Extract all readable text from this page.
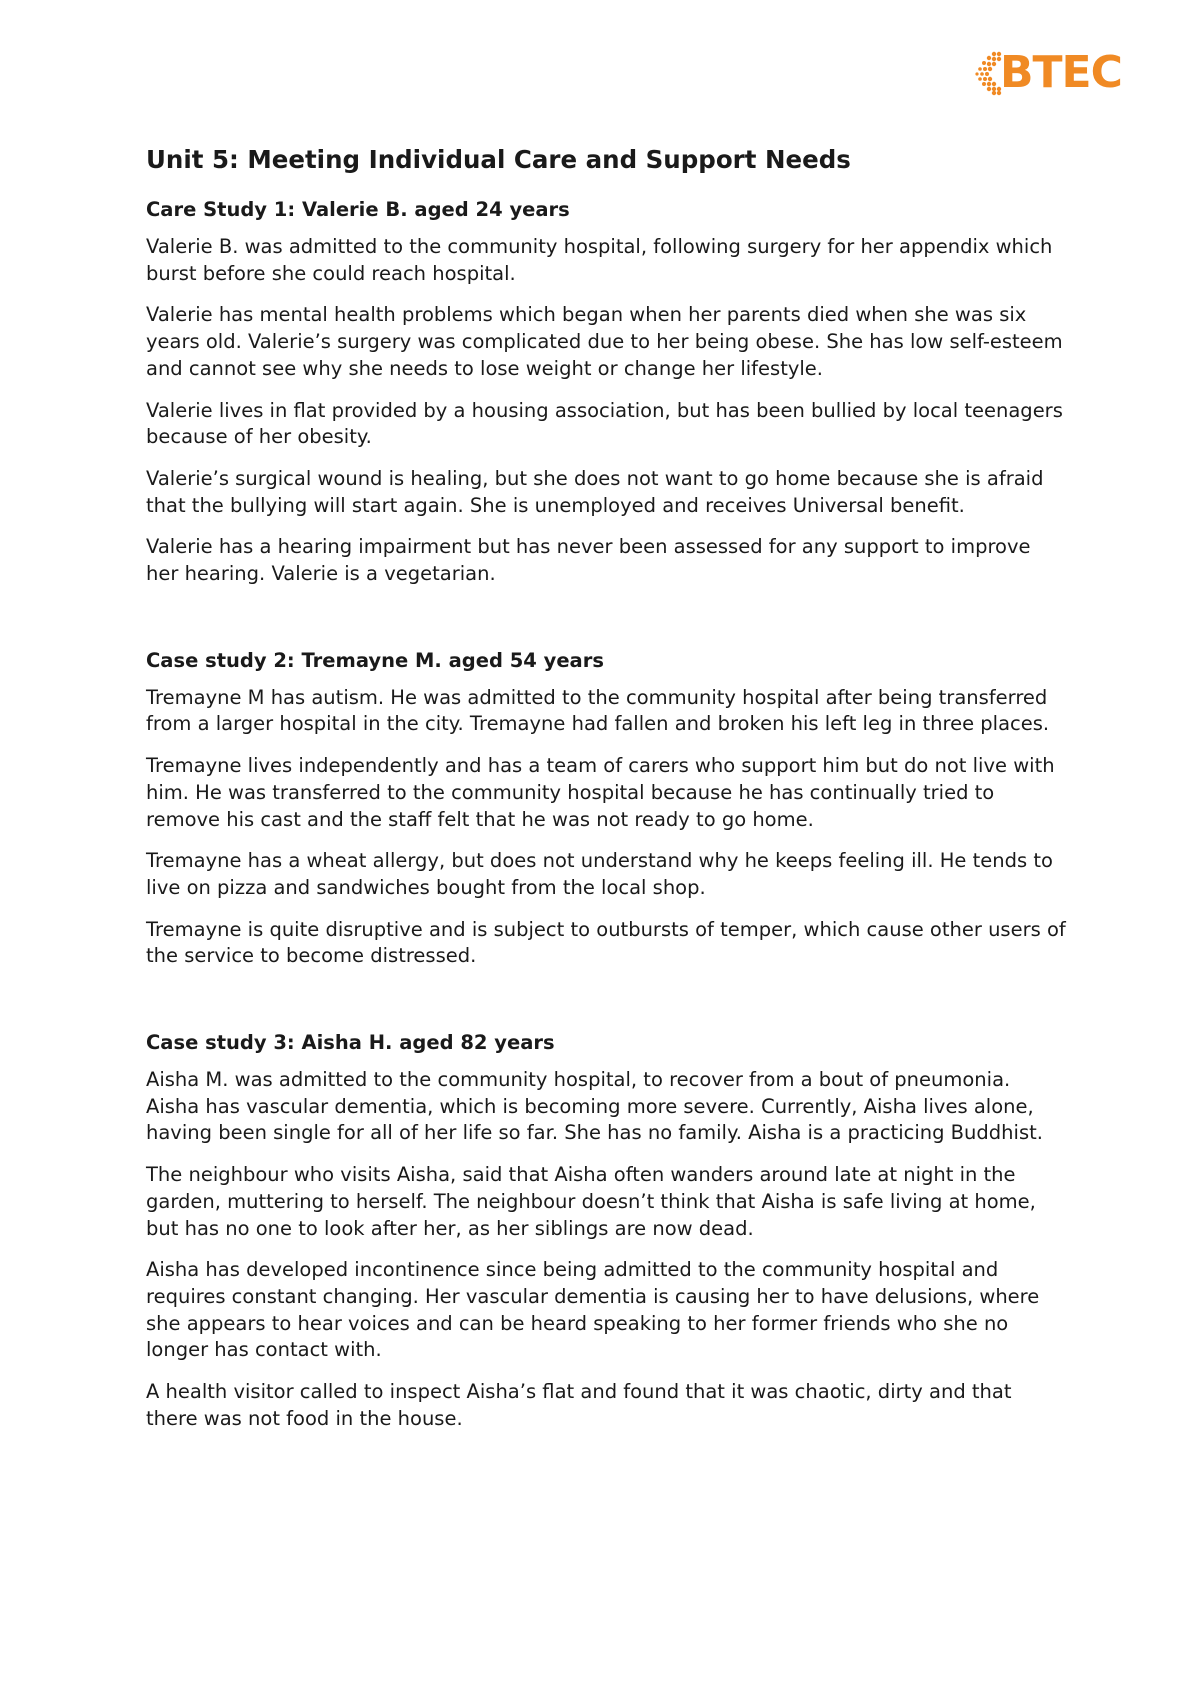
BTEC
Unit 5: Meeting Individual Care and Support Needs
Care Study 1: Valerie B. aged 24 years

Valerie B. was admitted to the community hospital, following surgery for her appendix which burst before she could reach hospital.

Valerie has mental health problems which began when her parents died when she was six years old. Valerie’s surgery was complicated due to her being obese. She has low self-esteem and cannot see why she needs to lose weight or change her lifestyle.

Valerie lives in flat provided by a housing association, but has been bullied by local teenagers because of her obesity.

Valerie’s surgical wound is healing, but she does not want to go home because she is afraid that the bullying will start again. She is unemployed and receives Universal benefit.

Valerie has a hearing impairment but has never been assessed for any support to improve her hearing. Valerie is a vegetarian.

Case study 2: Tremayne M. aged 54 years

Tremayne M has autism. He was admitted to the community hospital after being transferred from a larger hospital in the city. Tremayne had fallen and broken his left leg in three places.

Tremayne lives independently and has a team of carers who support him but do not live with him. He was transferred to the community hospital because he has continually tried to remove his cast and the staff felt that he was not ready to go home.

Tremayne has a wheat allergy, but does not understand why he keeps feeling ill. He tends to live on pizza and sandwiches bought from the local shop.

Tremayne is quite disruptive and is subject to outbursts of temper, which cause other users of the service to become distressed.

Case study 3: Aisha H. aged 82 years

Aisha M. was admitted to the community hospital, to recover from a bout of pneumonia. Aisha has vascular dementia, which is becoming more severe. Currently, Aisha lives alone, having been single for all of her life so far. She has no family. Aisha is a practicing Buddhist.

The neighbour who visits Aisha, said that Aisha often wanders around late at night in the garden, muttering to herself. The neighbour doesn’t think that Aisha is safe living at home, but has no one to look after her, as her siblings are now dead.

Aisha has developed incontinence since being admitted to the community hospital and requires constant changing. Her vascular dementia is causing her to have delusions, where she appears to hear voices and can be heard speaking to her former friends who she no longer has contact with.

A health visitor called to inspect Aisha’s flat and found that it was chaotic, dirty and that there was not food in the house.
